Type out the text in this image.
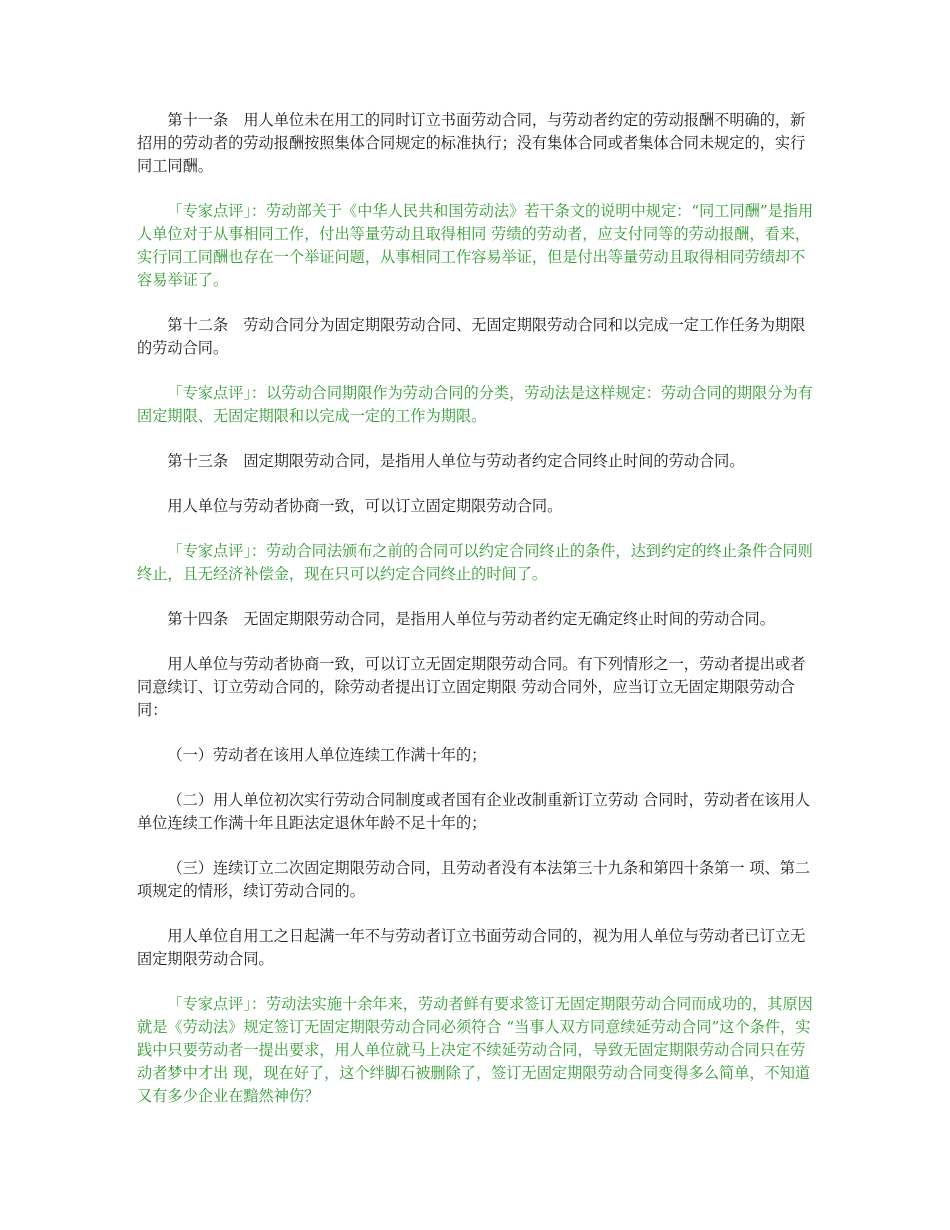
第十一条　用人单位未在用工的同时订立书面劳动合同，与劳动者约定的劳动报酬不明确的，新招用的劳动者的劳动报酬按照集体合同规定的标准执行；没有集体合同或者集体合同未规定的，实行同工同酬。

「专家点评」：劳动部关于《中华人民共和国劳动法》若干条文的说明中规定：“同工同酬”是指用人单位对于从事相同工作，付出等量劳动且取得相同 劳绩的劳动者，应支付同等的劳动报酬，看来，实行同工同酬也存在一个举证问题，从事相同工作容易举证，但是付出等量劳动且取得相同劳绩却不容易举证了。

第十二条　劳动合同分为固定期限劳动合同、无固定期限劳动合同和以完成一定工作任务为期限的劳动合同。

「专家点评」：以劳动合同期限作为劳动合同的分类，劳动法是这样规定：劳动合同的期限分为有固定期限、无固定期限和以完成一定的工作为期限。

第十三条　固定期限劳动合同，是指用人单位与劳动者约定合同终止时间的劳动合同。

用人单位与劳动者协商一致，可以订立固定期限劳动合同。

「专家点评」：劳动合同法颁布之前的合同可以约定合同终止的条件，达到约定的终止条件合同则终止，且无经济补偿金，现在只可以约定合同终止的时间了。

第十四条　无固定期限劳动合同，是指用人单位与劳动者约定无确定终止时间的劳动合同。

用人单位与劳动者协商一致，可以订立无固定期限劳动合同。有下列情形之一，劳动者提出或者同意续订、订立劳动合同的，除劳动者提出订立固定期限 劳动合同外，应当订立无固定期限劳动合同：

（一）劳动者在该用人单位连续工作满十年的；

（二）用人单位初次实行劳动合同制度或者国有企业改制重新订立劳动 合同时，劳动者在该用人单位连续工作满十年且距法定退休年龄不足十年的；

（三）连续订立二次固定期限劳动合同，且劳动者没有本法第三十九条和第四十条第一 项、第二项规定的情形，续订劳动合同的。

用人单位自用工之日起满一年不与劳动者订立书面劳动合同的，视为用人单位与劳动者已订立无固定期限劳动合同。

「专家点评」：劳动法实施十余年来，劳动者鲜有要求签订无固定期限劳动合同而成功的，其原因就是《劳动法》规定签订无固定期限劳动合同必须符合 “当事人双方同意续延劳动合同”这个条件，实践中只要劳动者一提出要求，用人单位就马上决定不续延劳动合同，导致无固定期限劳动合同只在劳动者梦中才出 现，现在好了，这个绊脚石被删除了，签订无固定期限劳动合同变得多么简单，不知道又有多少企业在黯然神伤？
